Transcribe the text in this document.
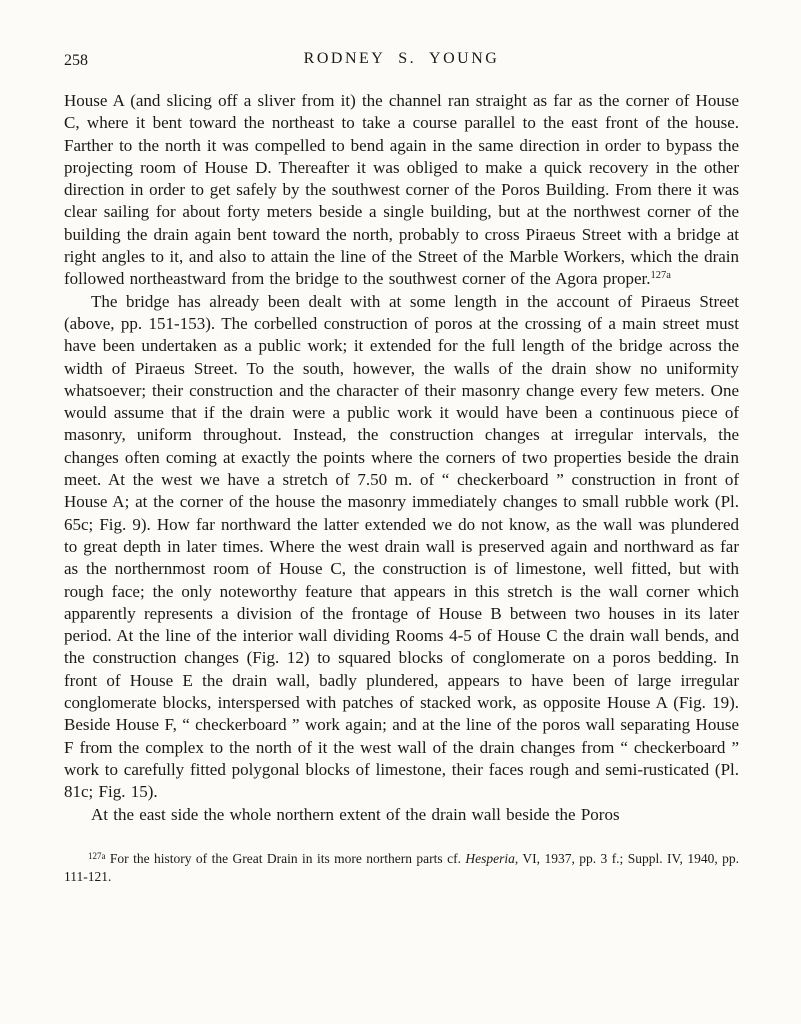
258	RODNEY S. YOUNG

House A (and slicing off a sliver from it) the channel ran straight as far as the corner of House C, where it bent toward the northeast to take a course parallel to the east front of the house. Farther to the north it was compelled to bend again in the same direction in order to bypass the projecting room of House D. Thereafter it was obliged to make a quick recovery in the other direction in order to get safely by the southwest corner of the Poros Building. From there it was clear sailing for about forty meters beside a single building, but at the northwest corner of the building the drain again bent toward the north, probably to cross Piraeus Street with a bridge at right angles to it, and also to attain the line of the Street of the Marble Workers, which the drain followed northeastward from the bridge to the southwest corner of the Agora proper.$^{127a}$

The bridge has already been dealt with at some length in the account of Piraeus Street (above, pp. 151-153). The corbelled construction of poros at the crossing of a main street must have been undertaken as a public work; it extended for the full length of the bridge across the width of Piraeus Street. To the south, however, the walls of the drain show no uniformity whatsoever; their construction and the character of their masonry change every few meters. One would assume that if the drain were a public work it would have been a continuous piece of masonry, uniform throughout. Instead, the construction changes at irregular intervals, the changes often coming at exactly the points where the corners of two properties beside the drain meet. At the west we have a stretch of 7.50 m. of “ checkerboard ” construction in front of House A; at the corner of the house the masonry immediately changes to small rubble work (Pl. 65c; Fig. 9). How far northward the latter extended we do not know, as the wall was plundered to great depth in later times. Where the west drain wall is preserved again and northward as far as the northernmost room of House C, the construction is of limestone, well fitted, but with rough face; the only noteworthy feature that appears in this stretch is the wall corner which apparently represents a division of the frontage of House B between two houses in its later period. At the line of the interior wall dividing Rooms 4-5 of House C the drain wall bends, and the construction changes (Fig. 12) to squared blocks of conglomerate on a poros bedding. In front of House E the drain wall, badly plundered, appears to have been of large irregular conglomerate blocks, interspersed with patches of stacked work, as opposite House A (Fig. 19). Beside House F, “ checkerboard ” work again; and at the line of the poros wall separating House F from the complex to the north of it the west wall of the drain changes from “ checkerboard ” work to carefully fitted polygonal blocks of limestone, their faces rough and semi-rusticated (Pl. 81c; Fig. 15).

At the east side the whole northern extent of the drain wall beside the Poros

$^{127a}$ For the history of the Great Drain in its more northern parts cf. Hesperia, VI, 1937, pp. 3 f.; Suppl. IV, 1940, pp. 111-121.
